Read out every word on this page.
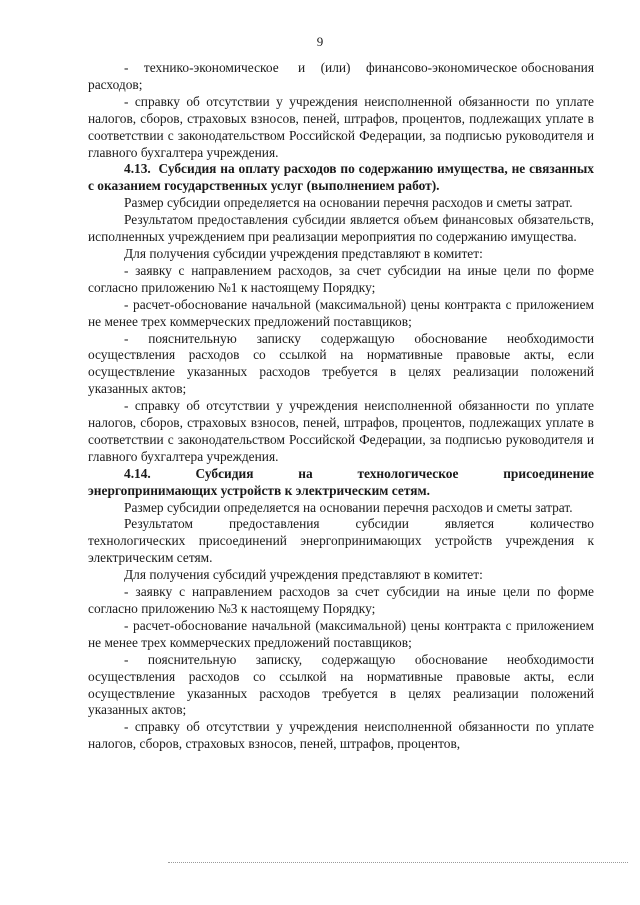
9

-    технико-экономическое     и    (или)    финансово-экономическое обоснования расходов;

- справку об отсутствии у учреждения неисполненной обязанности по уплате налогов, сборов, страховых взносов, пеней, штрафов, процентов, подлежащих уплате в соответствии с законодательством Российской Федерации, за подписью руководителя и главного бухгалтера учреждения.

4.13.  Субсидия на оплату расходов по содержанию имущества, не связанных с оказанием государственных услуг (выполнением работ).

Размер субсидии определяется на основании перечня расходов и сметы затрат.

Результатом предоставления субсидии является объем финансовых обязательств, исполненных учреждением при реализации мероприятия по содержанию имущества.

Для получения субсидии учреждения представляют в комитет:

- заявку с направлением расходов, за счет субсидии на иные цели по форме согласно приложению №1 к настоящему Порядку;

- расчет-обоснование начальной (максимальной) цены контракта с приложением не менее трех коммерческих предложений поставщиков;

- пояснительную записку содержащую обоснование необходимости осуществления расходов со ссылкой на нормативные правовые акты, если осуществление указанных расходов требуется в целях реализации положений указанных актов;

- справку об отсутствии у учреждения неисполненной обязанности по уплате налогов, сборов, страховых взносов, пеней, штрафов, процентов, подлежащих уплате в соответствии с законодательством Российской Федерации, за подписью руководителя и главного бухгалтера учреждения.

4.14.      Субсидия      на      технологическое      присоединение энергопринимающих устройств к электрическим сетям.

Размер субсидии определяется на основании перечня расходов и сметы затрат.

Результатом     предоставления     субсидии     является     количество технологических присоединений энергопринимающих устройств учреждения к электрическим сетям.

Для получения субсидий учреждения представляют в комитет:

- заявку с направлением расходов за счет субсидии на иные цели по форме согласно приложению №3 к настоящему Порядку;

- расчет-обоснование начальной (максимальной) цены контракта с приложением не менее трех коммерческих предложений поставщиков;

- пояснительную записку, содержащую обоснование необходимости осуществления расходов со ссылкой на нормативные правовые акты, если осуществление указанных расходов требуется в целях реализации положений указанных актов;

- справку об отсутствии у учреждения неисполненной обязанности по уплате налогов, сборов, страховых взносов, пеней, штрафов, процентов,
